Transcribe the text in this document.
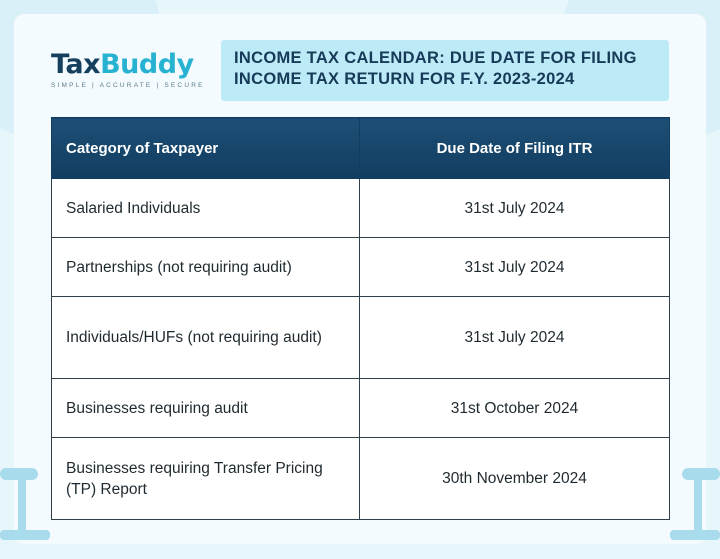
TaxBuddy
SIMPLE | ACCURATE | SECURE
INCOME TAX CALENDAR: DUE DATE FOR FILING
INCOME TAX RETURN FOR F.Y. 2023-2024
Category of Taxpayer	Due Date of Filing ITR
Salaried Individuals	31st July 2024
Partnerships (not requiring audit)	31st July 2024
Individuals/HUFs (not requiring audit)	31st July 2024
Businesses requiring audit	31st October 2024
Businesses requiring Transfer Pricing (TP) Report	30th November 2024
